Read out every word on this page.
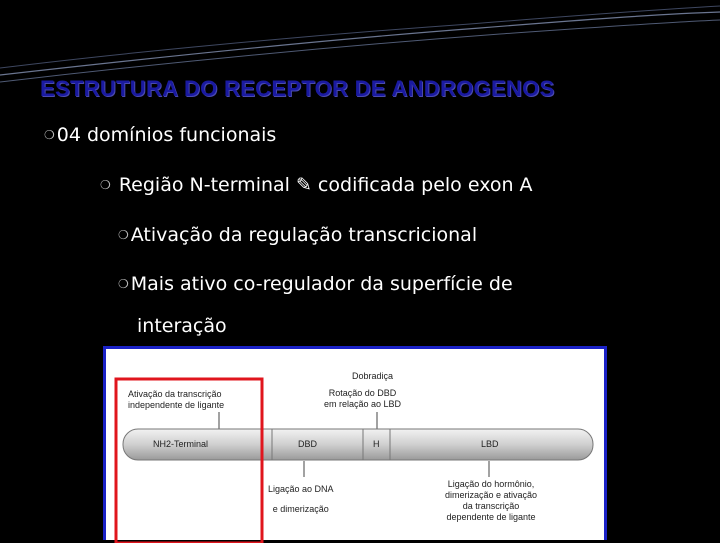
ESTRUTURA DO RECEPTOR DE ANDROGENOS
❍ 04 domínios funcionais
❍ Região N-terminal ✎ codificada pelo exon A
❍ Ativação da regulação transcricional
❍ Mais ativo co-regulador da superfície de
interação
Ativação da transcrição
independente de ligante
Dobradiça
Rotação do DBD
em relação ao LBD
NH2-Terminal	DBD	H	LBD
Ligação ao DNA
e dimerização
Ligação do hormônio,
dimerização e ativação
da transcrição
dependente de ligante
